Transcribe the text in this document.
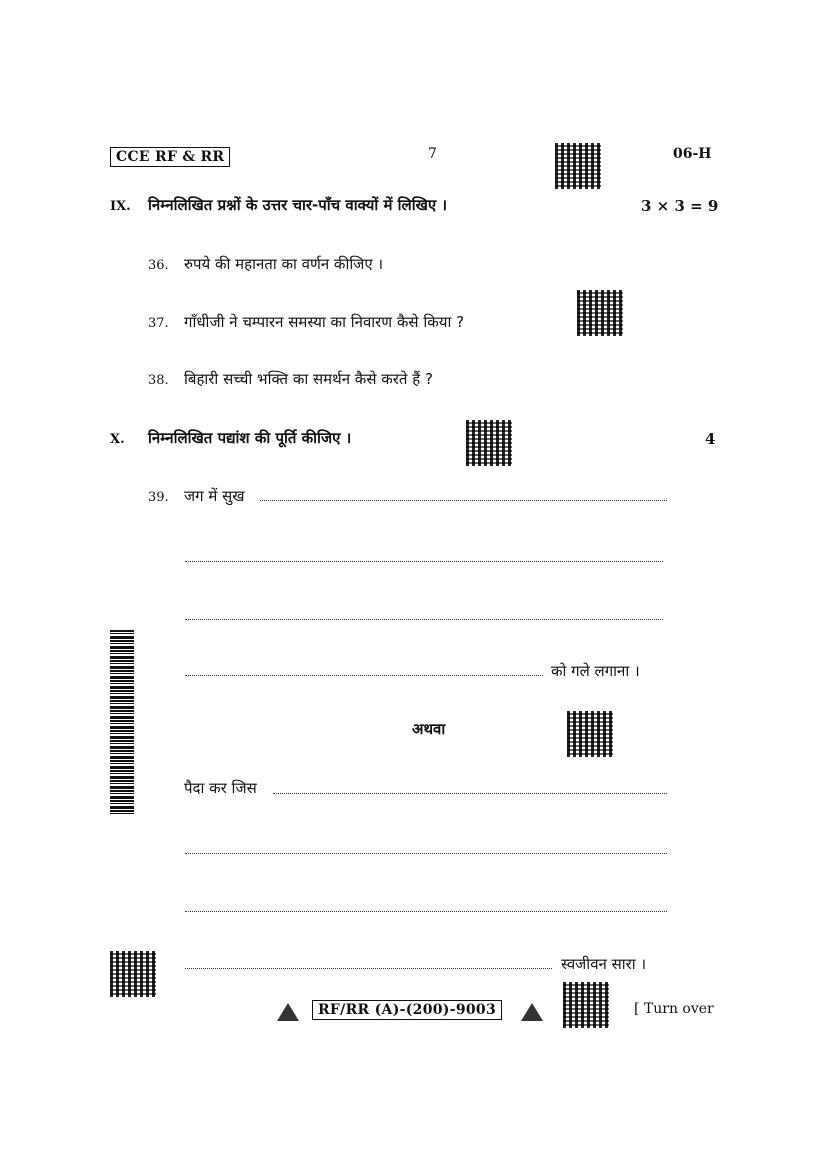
CCE RF & RR	7	06-H
IX. निम्नलिखित प्रश्नों के उत्तर चार-पाँच वाक्यों में लिखिए ।	3 × 3 = 9
36. रुपये की महानता का वर्णन कीजिए ।
37. गाँधीजी ने चम्पारन समस्या का निवारण कैसे किया ?
38. बिहारी सच्ची भक्ति का समर्थन कैसे करते हैं ?
X. निम्नलिखित पद्यांश की पूर्ति कीजिए ।	4
39. जग में सुख
को गले लगाना ।
अथवा
पैदा कर जिस
स्वजीवन सारा ।
RF/RR (A)-(200)-9003	[ Turn over
